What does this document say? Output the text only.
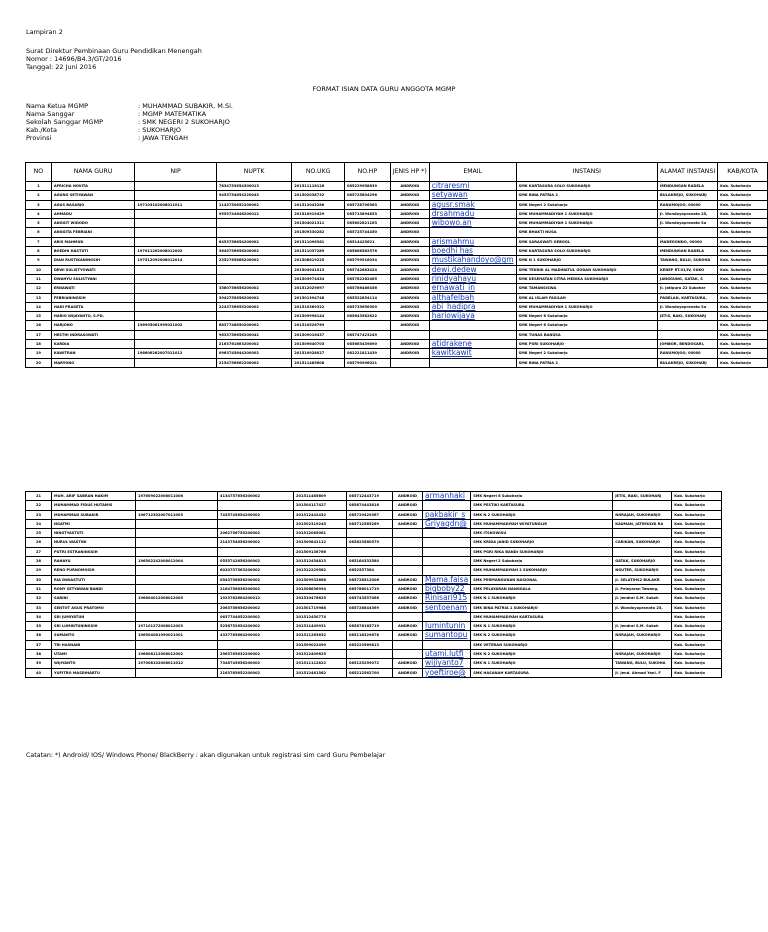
Lampiran 2
Surat Direktur Pembinaan Guru Pendidikan Menengah
Nomor : 14696/B4.3/GT/2016
Tanggal: 22 Juni 2016
FORMAT ISIAN DATA GURU ANGGOTA MGMP
Nama Ketua MGMP	: MUHAMMAD SUBAKIR, M.Si.
Nama Sanggar	: MGMP MATEMATIKA
Sekolah Sanggar MGMP	: SMK NEGERI 2 SUKOHARJO
Kab./Kota	: SUKOHARJO
Provinsi	: JAWA TENGAH
NO	NAMA GURU	NIP	NUPTK	NO.UKG	NO.HP	JENIS HP *)	EMAIL	INSTANSI	ALAMAT INSTANSI	KAB/KOTA
1	AFRICHA NOVITA		7834753654300013	201511118126	085229958839	ANDROID	citraresmi	SMK KARTASURA SOLO SUKOHARJO	MENDUNGAN RADELA	Kab. Sukoharjo
2	AGUNG SETIYAWAN		9453754654220043	201502038732	085725804296	ANDROID	setyawan	SMK BINA PATRIA 2	BULAKREJO, SUKOHARJ	Kab. Sukoharjo
3	AGUS BASARJO	197103102008011011	1143750652200002	201512043286	085728706563	ANDROID	agusr.smak	SMK Negeri 2 Sukoharjo	RANUMOJOO, 00000	Kab. Sukoharjo
4	AHMADU		9555744646200012	201510919429	085713894853	ANDROID	drsahmadu	SMK MUHAMMADIYAH 1 SUKOHARJO	Jl. Wondoyopranoto 25,	Kab. Sukoharjo
5	ANGGIT WIDODO			201504021311	085602821163	ANDROID	wibowo.an	SMK MUHAMMADIYAH 1 SUKOHARJO	Jl. Wondoyopranoto Su	Kab. Sukoharjo
6	ANGGITA FEBRIANI			201509330282	085725744450	ANDROID		SMK BHAKTI NUSA		Kab. Sukoharjo
7	ARIS MAHMUD		6453756654200002	201511096361	08514425621	ANDROID	arismahmu	SMK SARASWATI GEBOGL	MADEGONDO, 00000	Kab. Sukoharjo
8	BOEDHI HASTUTI	197011262008012002	3645756656200002	201511037289	085868582576	ANDROID	boedhi has	SMK KARTASURA SOLO SUKOHARJO	MENDUNGAN RADELA	Kab. Sukoharjo
9	DIAN RUSTIKANINGSIH	197512092008012014	2352765666200002	201508819225	085799516034	ANDROID	mustikahandoyo@gm	SMK N 1 SUKOHARJO	TAWANG, BULU, SUKOHA	Kab. Sukoharjo
10	DEWI SULISTYOWATI			201504941013	085742883424	ANDROID	dewi.dedew	SMK TEKNIK AL MADINATUL GODAN SUKOHARJO	KENEP RT.01/IV, SUKO	Kab. Sukoharjo
11	DWAHYU SULISTYANI			201503974434	085782262465	ANDROID	rinidyahayu	SMK KESEHATAN CITRA MEDIKA SUKOHARJO	JANGGUNG, GATAK, S	Kab. Sukoharjo
12	ERNAWATI		3580756656200002	201512029097	085786486456	ANDROID	ernawati_in	SMK TAMANSISWA	Jl. Jatipuro 22 Sukohar	Kab. Sukoharjo
13	FEBRIANINGSIH		3942755656200002	201501394748	085522854114	ANDROID	althafelbah	SMK AL ISLAM FASILAH	PADELAN, KARTASURA,	Kab. Sukoharjo
14	HADI PRASETA		2243756655200002	201510369322	085735656309	ANDROID	abi_hadipra	SMK MUHAMMADIYAH 1 SUKOHARJO	Jl. Wondoyopranoto Su	Kab. Sukoharjo
15	HARIO WIJAYANTO, S.PD.			201509998144	085643582822	ANDROID	hariowijaya	SMK Negeri 6 Sukoharjo	JETIS, BAKI, SUKOHARJ	Kab. Sukoharjo
16	HARJONO	196905061999021002	6837748650200002	201510526769		ANDROID		SMK Negeri 6 Sukoharjo		Kab. Sukoharjo
17	HESTHI INDRAS0WATI		9633756656200042	201509016437	085747423249			SMK TUNAS BANGSA		Kab. Sukoharjo
18	KARDIA		2163761663200002	201509640703	085663439890	ANDROID	atidrakene	SMK PGRI SUKOHARJO	JOMBOR, BENDOSARI,	Kab. Sukoharjo
19	KAWITRAN	196606262007011012	0963745644200002	201510928027	082221811439	ANDROID	kawitkawit	SMK Negeri 2 Sukoharjo	RANUMOJOO, 00000	Kab. Sukoharjo
20	MARYONO		2154756662200002	201511485608	085790996021			SMK BINA PATRIA 2	BULAKREJO, SUKOHARJ	Kab. Sukoharjo
21	MUH. ARIF SABRAN HAKIM	197609022008011006	4134757656200002	201511485609	085712443719	ANDROID	armanhaki	SMK Negeri 6 Sukoharjo	JETIS, BAKI, SUKOHARJ	Kab. Sukoharjo
22	MUHAMMAD FIDUS HUTAMIS			201504117427	085674443816	ANDROID		SMK PESTIKI KARTASURA		Kab. Sukoharjo
23	MUHAMMAD SUBAKIR	196712302007011003	7435745654200002	201512442432	085729429367	ANDROID	pakbakir_s	SMK N 2 SUKOHARJO	NGRAJAH, SUKOHARJO	Kab. Sukoharjo
24	NGATMI			201502319245	085712585269	ANDROID	Griyaqdn@	SMK MUHAMMADIYAH WIYATUNGLIR	KAUMAN, JATIMULYA RA	Kab. Sukoharjo
25	NINGTYASTUTI		2062756755200002	201512085061				SMK ITSKOWISU		Kab. Sukoharjo
26	NURUL WASTINI		2143754656200002	201509842112	085823560579			SMK KRIDA JANID SUKOHARJO	CARIKAN, SUKOHARJO	Kab. Sukoharjo
27	PUTRI ESTRANINGSIH			201509136766				SMK PGRI RIKA BANDI SUKOHARJO		Kab. Sukoharjo
28	RAHAYU	196502242008012004	0555742656200002	201512454813	085164332580			SMK Negeri 2 Sukoharjo	GATAK, SUKOHARJO	Kab. Sukoharjo
29	RENO PURNOMOSIH		6020757563200002	201512229582	0852557564			SMK MUHAMMADIYAH 2 SUKOHARJO	NGUTER, SUKOHARJO	Kab. Sukoharjo
30	RIA DWIASTUTI		0543756656200002	201509932666	085728512006	ANDROID	Mama.faisa	SMK PERMANGUNAN NASIONAL	Jl. SELATIHS2 BULAKR	Kab. Sukoharjo
31	RONY SETYAWAN BANDI		2164756636200002	201506636994	085786011719	ANDROID	bigboby22	SMK PELAYARAN NANGGALA	Jl. Pelayaran Tawang,	Kab. Sukoharjo
32	SARINI	196804012008012005	1923762664200012	201510478625	085743557066	ANDROID	Rinisari915	SMK N 1 SUKOHARJO	Jl. Jendral S.M. Sukoh	Kab. Sukoharjo
33	SENTOT AGUS PRATOMO		2063756656200002	201501719988	085728844369	ANDROID	sentoenam	SMK BINA PATRIA 1 SUKOHARJO	Jl. Wondoyopranoto 25,	Kab. Sukoharjo
34	SRI JUMIYATUN		0637744652200002	201512450774				SMK MUHAMMADIYAH KARTASURA		Kab. Sukoharjo
35	SRI LUMINTUNINGSIH	197101272008012003	5256752654200002	201511449931	085878165719	ANDROID	lumintunin	SMK N 1 SUKOHARJO	Jl. Jendral S.M. Sukoh	Kab. Sukoharjo
36	SUMANTO	196504081990021001	4337765664200002	201511263632	085118329678	ANDROID	sumantopu	SMK N 2 SUKOHARJO	NGRAJAH, SUKOHARJO	Kab. Sukoharjo
37	TRI HASNANI			201509022490	085223569813			SMK VETERAN SUKOHARJO		Kab. Sukoharjo
38	UTAMI	196808112008012002	2963765632200002	201512409625			utami.lutfi	SMK N 2 SUKOHARJO	NGRAJAH, SUKOHARJO	Kab. Sukoharjo
39	WIJIYANTO	197008102008011012	7348745656200002	201511112822	085125259072	ANDROID	wijiyanto7	SMK N 1 SUKOHARJO	TAWANG, BULU, SUKOHA	Kab. Sukoharjo
40	YUFITRO MASDIHARTU		2163765652200002	201512461562	085212562700	ANDROID	yoeftiroe@	SMK HASANAH KARTASURA	Jl. Jend. Ahmad Yani. F	Kab. Sukoharjo
Catatan: *) Android/ IOS/ Windows Phone/ BlackBerry : akan digunakan untuk registrasi sim card Guru Pembelajar
